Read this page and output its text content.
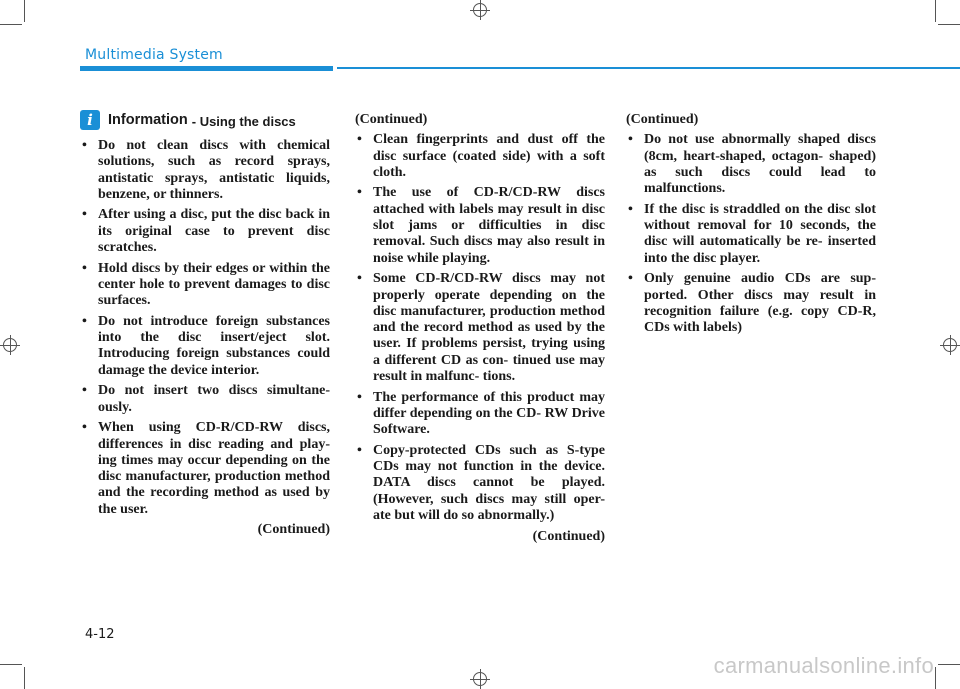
Multimedia System
i	Information - Using the discs
• Do not clean discs with chemical solutions, such as record sprays, antistatic sprays, antistatic liquids, benzene, or thinners.
• After using a disc, put the disc back in its original case to prevent disc scratches.
• Hold discs by their edges or within the center hole to prevent damages to disc surfaces.
• Do not introduce foreign substances into the disc insert/eject slot. Introducing foreign substances could damage the device interior.
• Do not insert two discs simultane- ously.
• When using CD-R/CD-RW discs, differences in disc reading and play- ing times may occur depending on the disc manufacturer, production method and the recording method as used by the user.
(Continued)
(Continued)
• Clean fingerprints and dust off the disc surface (coated side) with a soft cloth.
• The use of CD-R/CD-RW discs attached with labels may result in disc slot jams or difficulties in disc removal. Such discs may also result in noise while playing.
• Some CD-R/CD-RW discs may not properly operate depending on the disc manufacturer, production method and the record method as used by the user. If problems persist, trying using a different CD as con- tinued use may result in malfunc- tions.
• The performance of this product may differ depending on the CD- RW Drive Software.
• Copy-protected CDs such as S-type CDs may not function in the device. DATA discs cannot be played. (However, such discs may still oper- ate but will do so abnormally.)
(Continued)
(Continued)
• Do not use abnormally shaped discs (8cm, heart-shaped, octagon- shaped) as such discs could lead to malfunctions.
• If the disc is straddled on the disc slot without removal for 10 seconds, the disc will automatically be re- inserted into the disc player.
• Only genuine audio CDs are sup- ported. Other discs may result in recognition failure (e.g. copy CD-R, CDs with labels)
4-12
carmanualsonline.info
